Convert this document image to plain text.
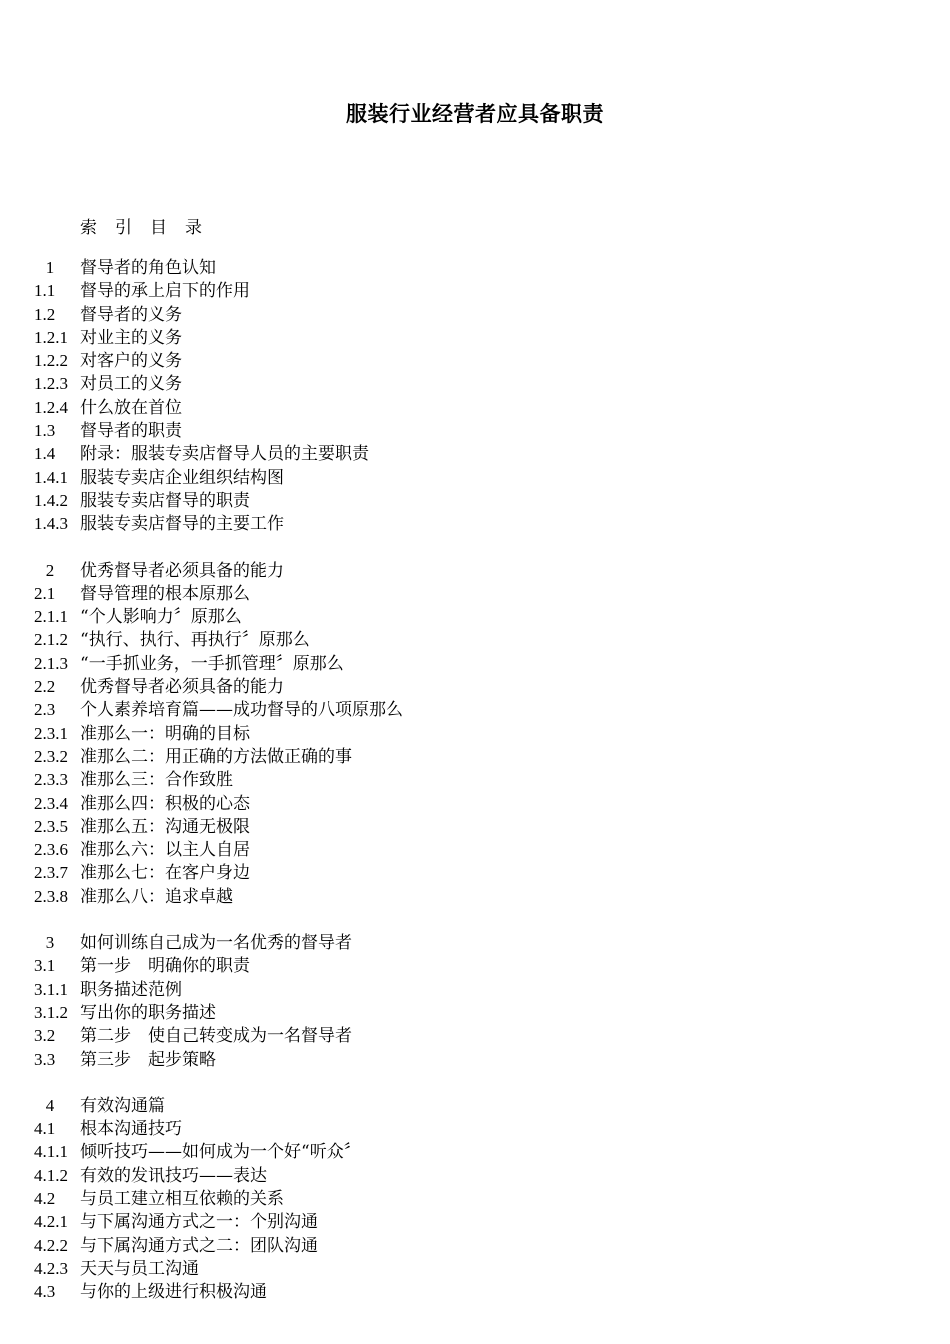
服装行业经营者应具备职责
索引目录
1 督导者的角色认知
1.1 督导的承上启下的作用
1.2 督导者的义务
1.2.1 对业主的义务
1.2.2 对客户的义务
1.2.3 对员工的义务
1.2.4 什么放在首位
1.3 督导者的职责
1.4 附录：服装专卖店督导人员的主要职责
1.4.1 服装专卖店企业组织结构图
1.4.2 服装专卖店督导的职责
1.4.3 服装专卖店督导的主要工作
2 优秀督导者必须具备的能力
2.1 督导管理的根本原那么
2.1.1 “个人影响力〞原那么
2.1.2 “执行、执行、再执行〞原那么
2.1.3 “一手抓业务，一手抓管理〞原那么
2.2 优秀督导者必须具备的能力
2.3 个人素养培育篇——成功督导的八项原那么
2.3.1 准那么一：明确的目标
2.3.2 准那么二：用正确的方法做正确的事
2.3.3 准那么三：合作致胜
2.3.4 准那么四：积极的心态
2.3.5 准那么五：沟通无极限
2.3.6 准那么六：以主人自居
2.3.7 准那么七：在客户身边
2.3.8 准那么八：追求卓越
3 如何训练自己成为一名优秀的督导者
3.1 第一步　明确你的职责
3.1.1 职务描述范例
3.1.2 写出你的职务描述
3.2 第二步　使自己转变成为一名督导者
3.3 第三步　起步策略
4 有效沟通篇
4.1 根本沟通技巧
4.1.1 倾听技巧——如何成为一个好“听众〞
4.1.2 有效的发讯技巧——表达
4.2 与员工建立相互依赖的关系
4.2.1 与下属沟通方式之一：个别沟通
4.2.2 与下属沟通方式之二：团队沟通
4.2.3 天天与员工沟通
4.3 与你的上级进行积极沟通
